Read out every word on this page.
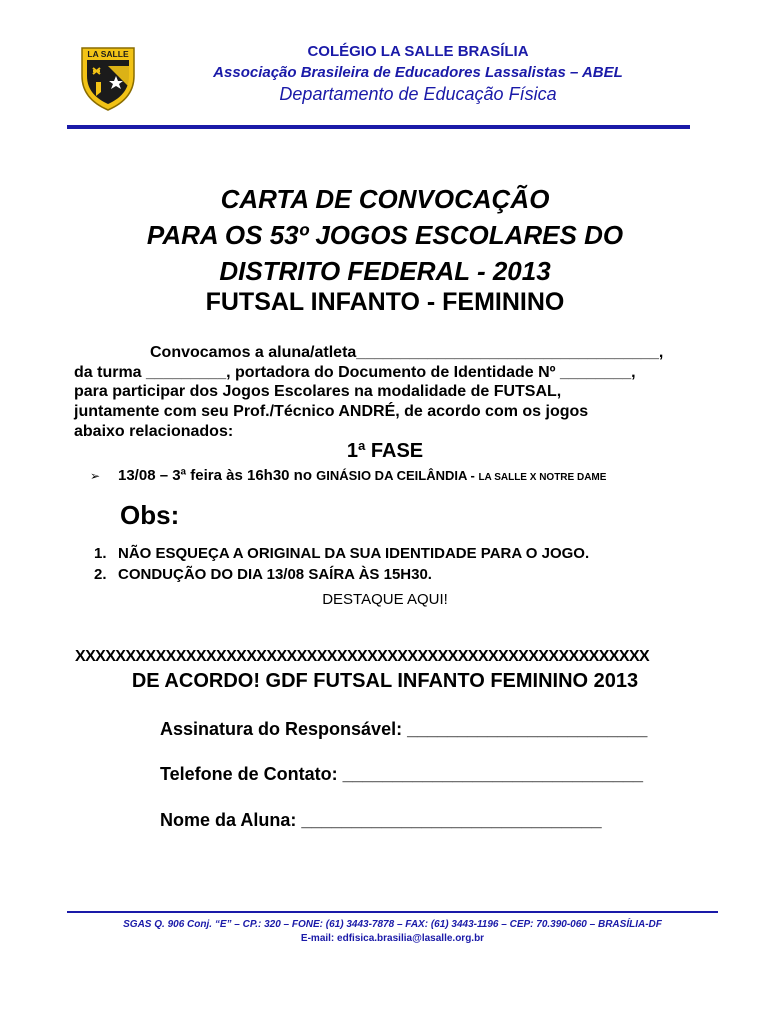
LA SALLE	COLÉGIO LA SALLE BRASÍLIA
Associação Brasileira de Educadores Lassalistas – ABEL
Departamento de Educação Física
CARTA DE CONVOCAÇÃO
PARA OS 53º JOGOS ESCOLARES DO
DISTRITO FEDERAL - 2013
FUTSAL INFANTO - FEMININO
Convocamos a aluna/atleta__________________________________,
da turma _________, portadora do Documento de Identidade Nº ________,
para participar dos Jogos Escolares na modalidade de FUTSAL,
juntamente com seu Prof./Técnico ANDRÉ, de acordo com os jogos
abaixo relacionados:
1ª FASE
➢ 13/08 – 3ª feira às 16h30 no GINÁSIO DA CEILÂNDIA - LA SALLE X NOTRE DAME
Obs:
1. NÃO ESQUEÇA A ORIGINAL DA SUA IDENTIDADE PARA O JOGO.
2. CONDUÇÃO DO DIA 13/08 SAÍRA ÀS 15H30.
DESTAQUE AQUI!
XXXXXXXXXXXXXXXXXXXXXXXXXXXXXXXXXXXXXXXXXXXXXXXXXXXXXXXXX
DE ACORDO! GDF FUTSAL INFANTO FEMININO 2013
Assinatura do Responsável: ________________________
Telefone de Contato: ______________________________
Nome da Aluna: ______________________________
SGAS Q. 906 Conj. “E” – CP.: 320 – FONE: (61) 3443-7878 – FAX: (61) 3443-1196 – CEP: 70.390-060 – BRASÍLIA-DF
E-mail: edfisica.brasilia@lasalle.org.br
